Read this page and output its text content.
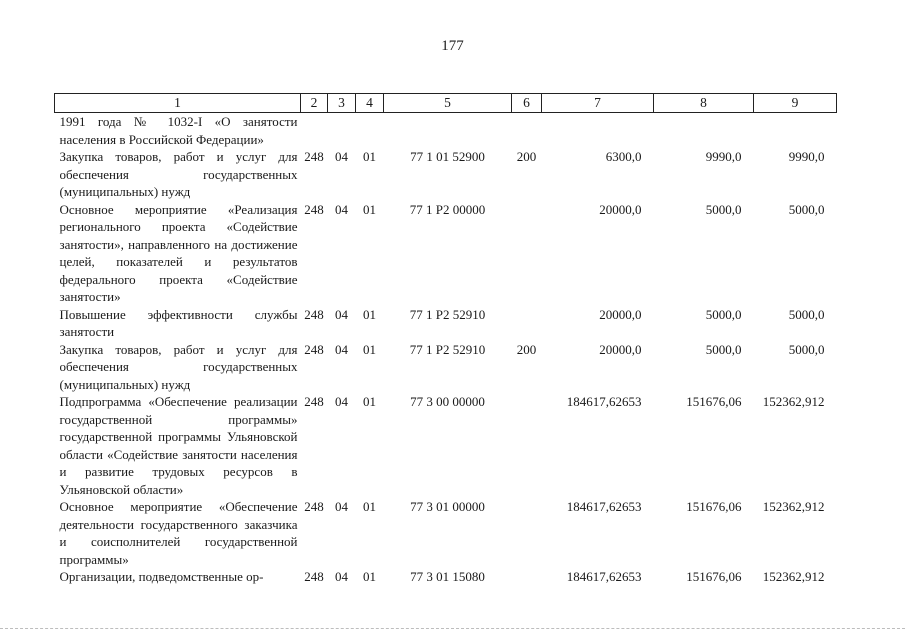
177
1	2	3	4	5	6	7	8	9
1991 года № 1032-I «О занятости населения в Российской Федерации»								
Закупка товаров, работ и услуг для обеспечения государственных (муниципальных) нужд	248	04	01	77 1 01 52900	200	6300,0	9990,0	9990,0
Основное мероприятие «Реализация регионального проекта «Содействие занятости», направленного на достижение целей, показателей и результатов федерального проекта «Содействие занятости»	248	04	01	77 1 P2 00000		20000,0	5000,0	5000,0
Повышение эффективности службы занятости	248	04	01	77 1 P2 52910		20000,0	5000,0	5000,0
Закупка товаров, работ и услуг для обеспечения государственных (муниципальных) нужд	248	04	01	77 1 P2 52910	200	20000,0	5000,0	5000,0
Подпрограмма «Обеспечение реализации государственной программы» государственной программы Ульяновской области «Содействие занятости населения и развитие трудовых ресурсов в Ульяновской области»	248	04	01	77 3 00 00000		184617,62653	151676,06	152362,912
Основное мероприятие «Обеспечение деятельности государственного заказчика и соисполнителей государственной программы»	248	04	01	77 3 01 00000		184617,62653	151676,06	152362,912
Организации, подведомственные ор-	248	04	01	77 3 01 15080		184617,62653	151676,06	152362,912
